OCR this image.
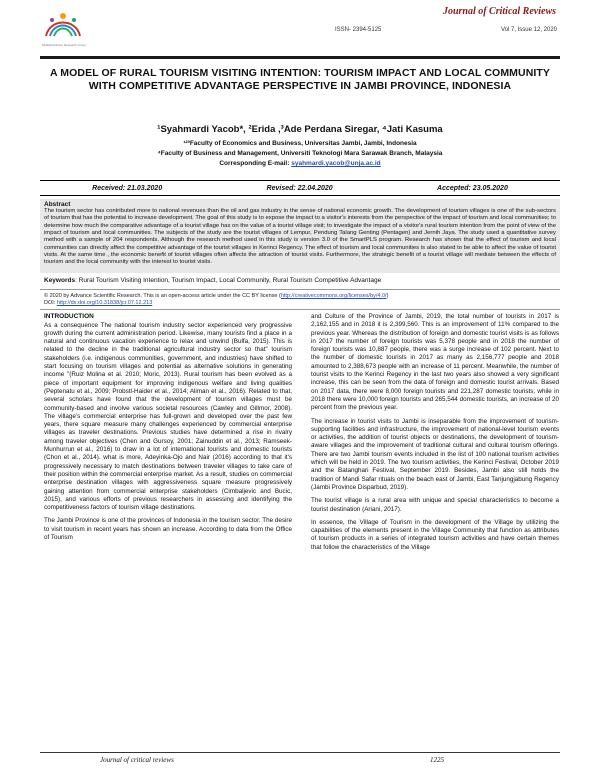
Multidisciplinary Research Group
Journal of Critical Reviews
ISSN- 2394-5125	Vol 7, Issue 12, 2020
A MODEL OF RURAL TOURISM VISITING INTENTION: TOURISM IMPACT AND LOCAL COMMUNITY WITH COMPETITIVE ADVANTAGE PERSPECTIVE IN JAMBI PROVINCE, INDONESIA
¹Syahmardi Yacob*, ²Erida ,³Ade Perdana Siregar, ⁴Jati Kasuma
¹²³Faculty of Economics and Business, Universitas Jambi, Jambi, Indonesia
⁴Faculty of Business and Management, Universiti Teknologi Mara Sarawak Branch, Malaysia
Corresponding E-mail: syahmardi.yacob@unja.ac.id
Received: 21.03.2020	Revised: 22.04.2020	Accepted: 23.05.2020
Abstract
The tourism sector has contributed more to national revenues than the oil and gas industry in the sense of national economic growth. The development of tourism villages is one of the sub-sectors of tourism that has the potential to increase development. The goal of this study is to expose the impact to a visitor's interests from the perspective of the impact of tourism and local communities; to determine how much the comparative advantage of a tourist village has on the value of a tourist village visit; to investigate the impact of a visitor's rural tourism intention from the point of view of the impact of tourism and local communities. The subjects of the study are the tourist villages of Lempur, Pendung Talang Genting (Pentagen) and Jernih Jaya. The study used a quantitative survey method with a sample of 204 respondents. Although the research method used in this study is version 3.0 of the SmartPLS program. Research has shown that the effect of tourism and local communities can directly affect the competitive advantage of the tourist villages in Kerinci Regency. The effect of tourism and local communities is also stated to be able to affect the value of tourist visits. At the same time , the economic benefit of tourist villages often affects the attraction of tourist visits. Furthermore, the strategic benefit of a tourist village will mediate between the effects of tourism and the local community with the interest to tourist visits.
Keywords: Rural Tourism Visiting Intention, Tourism Impact, Local Community, Rural Tourism Competitive Advantage
© 2020 by Advance Scientific Research. This is an open-access article under the CC BY license (http://creativecommons.org/licenses/by/4.0/)
DOI: http://dx.doi.org/10.31838/jcr.07.12.213
INTRODUCTION

As a consequence The national tourism industry sector experienced very progressive growth during the current administration period. Likewise, many tourists find a place in a natural and continuous vacation experience to relax and unwind (Bulfa, 2015). This is related to the decline in the traditional agricultural industry sector so that" tourism stakeholders (i.e. indigenous communities, government, and industries) have shifted to start focusing on tourism villages and potential as alternative solutions in generating income "(Ruiz Molina et al. 2010; Moric, 2013). Rural tourism has been evolved as a piece of important equipment for improving indigenous welfare and living qualities (Peptenatu et al., 2009; Probstl-Haider et al., 2014; Aliman et al., 2016). Related to that, several scholars have found that the development of tourism villages must be community-based and involve various societal resources (Cawley and Gillmor, 2008). The village's commercial enterprise has full-grown and developed over the past few years, there square measure many challenges experienced by commercial enterprise villages as traveler destinations. Previous studies have determined a rise in rivalry among traveler objectives (Chen and Gursoy, 2001; Zainuddin et al., 2013; Ramseek-Munhurrun et al., 2016) to draw in a lot of international tourists and domestic tourists (Chon et al., 2014). what is more, Adeyinka-Ojo and Nair (2016) according to that it's progressively necessary to match destinations between traveler villages to take care of their position within the commercial enterprise market. As a result, studies on commercial enterprise destination villages with aggressiveness square measure progressively gaining attention from commercial enterprise stakeholders (Cimbaljevic and Bucic, 2015), and various efforts of previous researchers in assessing and identifying the competitiveness factors of tourism village destinations.

The Jambi Province is one of the provinces of Indonesia in the tourism sector. The desire to visit tourism in recent years has shown an increase. According to data from the Office of Tourism

and Culture of the Province of Jambi, 2019, the total number of tourists in 2017 is 2,162,155 and in 2018 it is 2,399,560. This is an improvement of 11% compared to the previous year. Whereas the distribution of foreign and domestic tourist visits is as follows in 2017 the number of foreign tourists was 5,378 people and in 2018 the number of foreign tourists was 10,887 people, there was a surge increase of 102 percent. Next to the number of domestic tourists in 2017 as many as 2,156,777 people and 2018 amounted to 2,388,673 people with an increase of 11 percent. Meanwhile, the number of tourist visits to the Kerinci Regency in the last two years also showed a very significant increase, this can be seen from the data of foreign and domestic tourist arrivals. Based on 2017 data, there were 8,000 foreign tourists and 221,287 domestic tourists, while in 2018 there were 10,000 foreign tourists and 265,544 domestic tourists, an increase of 20 percent from the previous year.

The increase in tourist visits to Jambi is inseparable from the improvement of tourism-supporting facilities and infrastructure, the improvement of national-level tourism events or activities, the addition of tourist objects or destinations, the development of tourism-aware villages and the improvement of traditional cultural and cultural tourism offerings. There are two Jambi tourism events included in the list of 100 national tourism activities which will be held in 2019. The two tourism activities, the Kerinci Festival, October 2019 and the Batanghari Festival, September 2019. Besides, Jambi also still holds the tradition of Mandi Safar rituals on the beach east of Jambi, East Tanjungjabung Regency (Jambi Province Disparbud, 2019).

The tourist village is a rural area with unique and special characteristics to become a tourist destination (Ariani, 2017).

In essence, the Village of Tourism in the development of the Village by utilizing the capabilities of the elements present in the Village Community that function as attributes of tourism products in a series of integrated tourism activities and have certain themes that follow the characteristics of the Village

Journal of critical reviews	1225
